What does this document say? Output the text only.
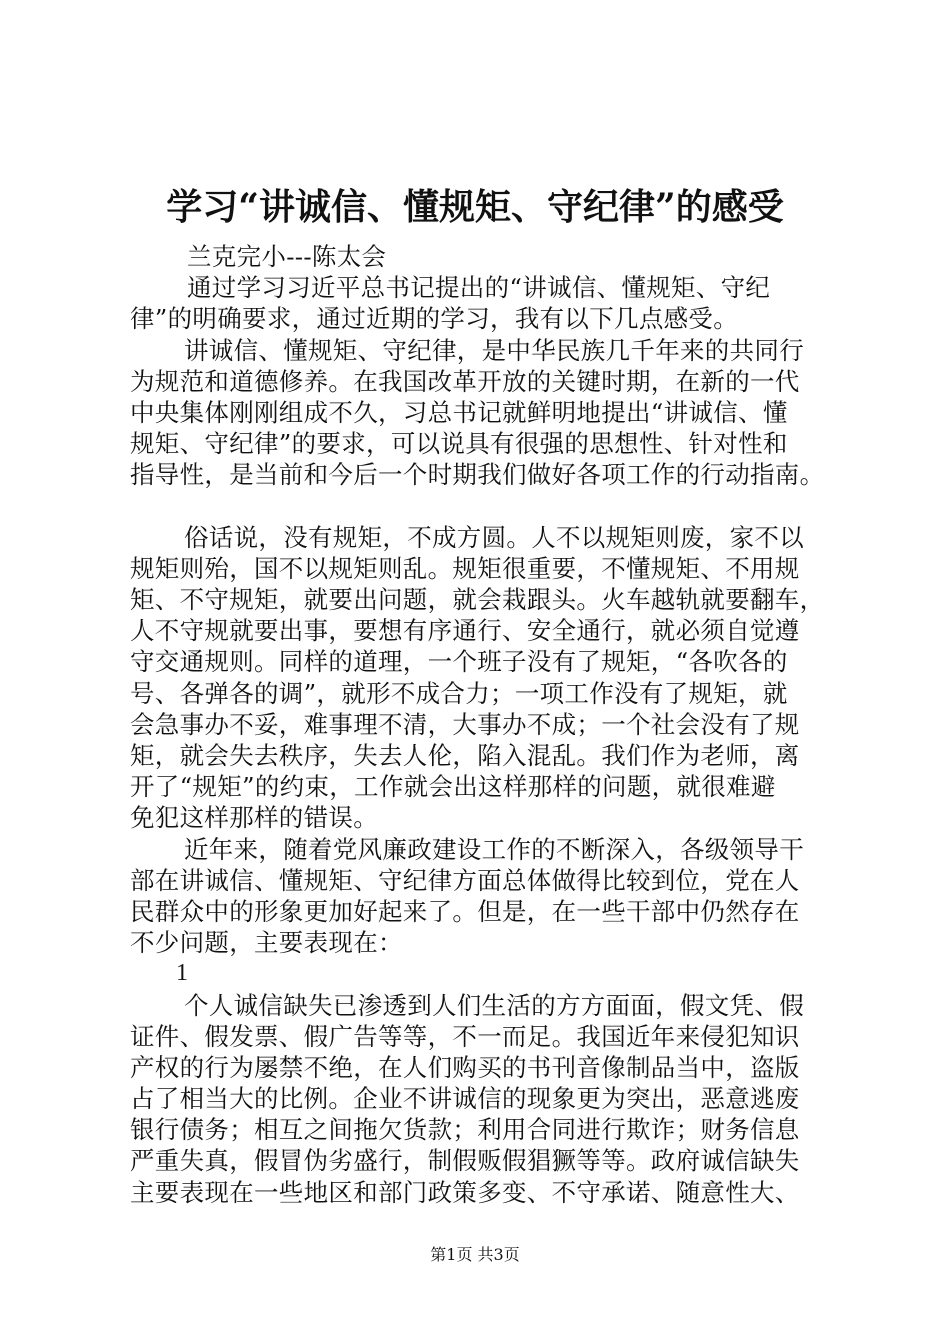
学习“讲诚信、懂规矩、守纪律”的感受
兰克完小---陈太会
通过学习习近平总书记提出的“讲诚信、懂规矩、守纪
律”的明确要求，通过近期的学习，我有以下几点感受。
讲诚信、懂规矩、守纪律，是中华民族几千年来的共同行
为规范和道德修养。在我国改革开放的关键时期，在新的一代
中央集体刚刚组成不久，习总书记就鲜明地提出“讲诚信、懂
规矩、守纪律”的要求，可以说具有很强的思想性、针对性和
指导性，是当前和今后一个时期我们做好各项工作的行动指南。
俗话说，没有规矩，不成方圆。人不以规矩则废，家不以
规矩则殆，国不以规矩则乱。规矩很重要，不懂规矩、不用规
矩、不守规矩，就要出问题，就会栽跟头。火车越轨就要翻车，
人不守规就要出事，要想有序通行、安全通行，就必须自觉遵
守交通规则。同样的道理，一个班子没有了规矩，“各吹各的
号、各弹各的调”，就形不成合力；一项工作没有了规矩，就
会急事办不妥，难事理不清，大事办不成；一个社会没有了规
矩，就会失去秩序，失去人伦，陷入混乱。我们作为老师，离
开了“规矩”的约束，工作就会出这样那样的问题，就很难避
免犯这样那样的错误。
近年来，随着党风廉政建设工作的不断深入，各级领导干
部在讲诚信、懂规矩、守纪律方面总体做得比较到位，党在人
民群众中的形象更加好起来了。但是，在一些干部中仍然存在
不少问题，主要表现在：
1
个人诚信缺失已渗透到人们生活的方方面面，假文凭、假
证件、假发票、假广告等等，不一而足。我国近年来侵犯知识
产权的行为屡禁不绝，在人们购买的书刊音像制品当中，盗版
占了相当大的比例。企业不讲诚信的现象更为突出，恶意逃废
银行债务；相互之间拖欠货款；利用合同进行欺诈；财务信息
严重失真，假冒伪劣盛行，制假贩假猖獗等等。政府诚信缺失
主要表现在一些地区和部门政策多变、不守承诺、随意性大、
第1页 共3页
